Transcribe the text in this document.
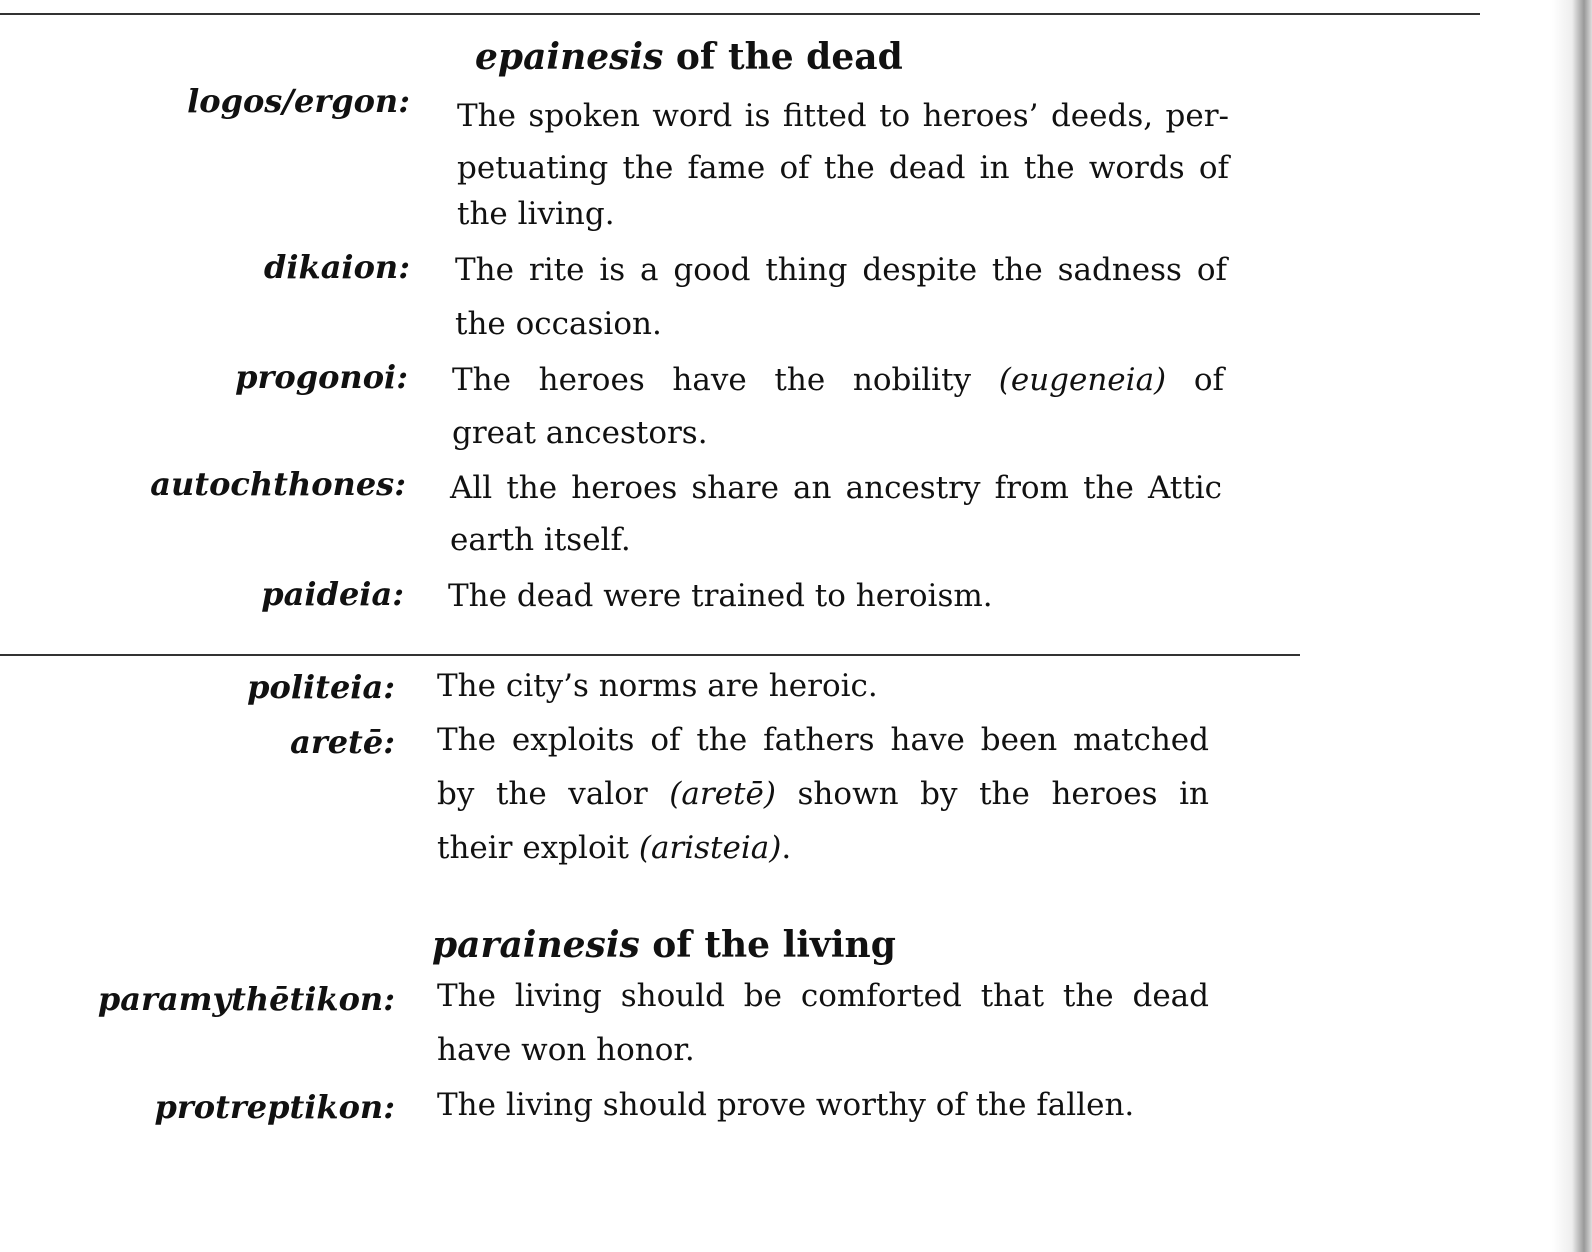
epainesis of the dead
logos/ergon: The spoken word is fitted to heroes’ deeds, per-
petuating the fame of the dead in the words of
the living.
dikaion: The rite is a good thing despite the sadness of
the occasion.
progonoi: The heroes have the nobility (eugeneia) of
great ancestors.
autochthones: All the heroes share an ancestry from the Attic
earth itself.
paideia: The dead were trained to heroism.
politeia: The city’s norms are heroic.
aretē: The exploits of the fathers have been matched
by the valor (aretē) shown by the heroes in
their exploit (aristeia).
parainesis of the living
paramythētikon: The living should be comforted that the dead
have won honor.
protreptikon: The living should prove worthy of the fallen.
